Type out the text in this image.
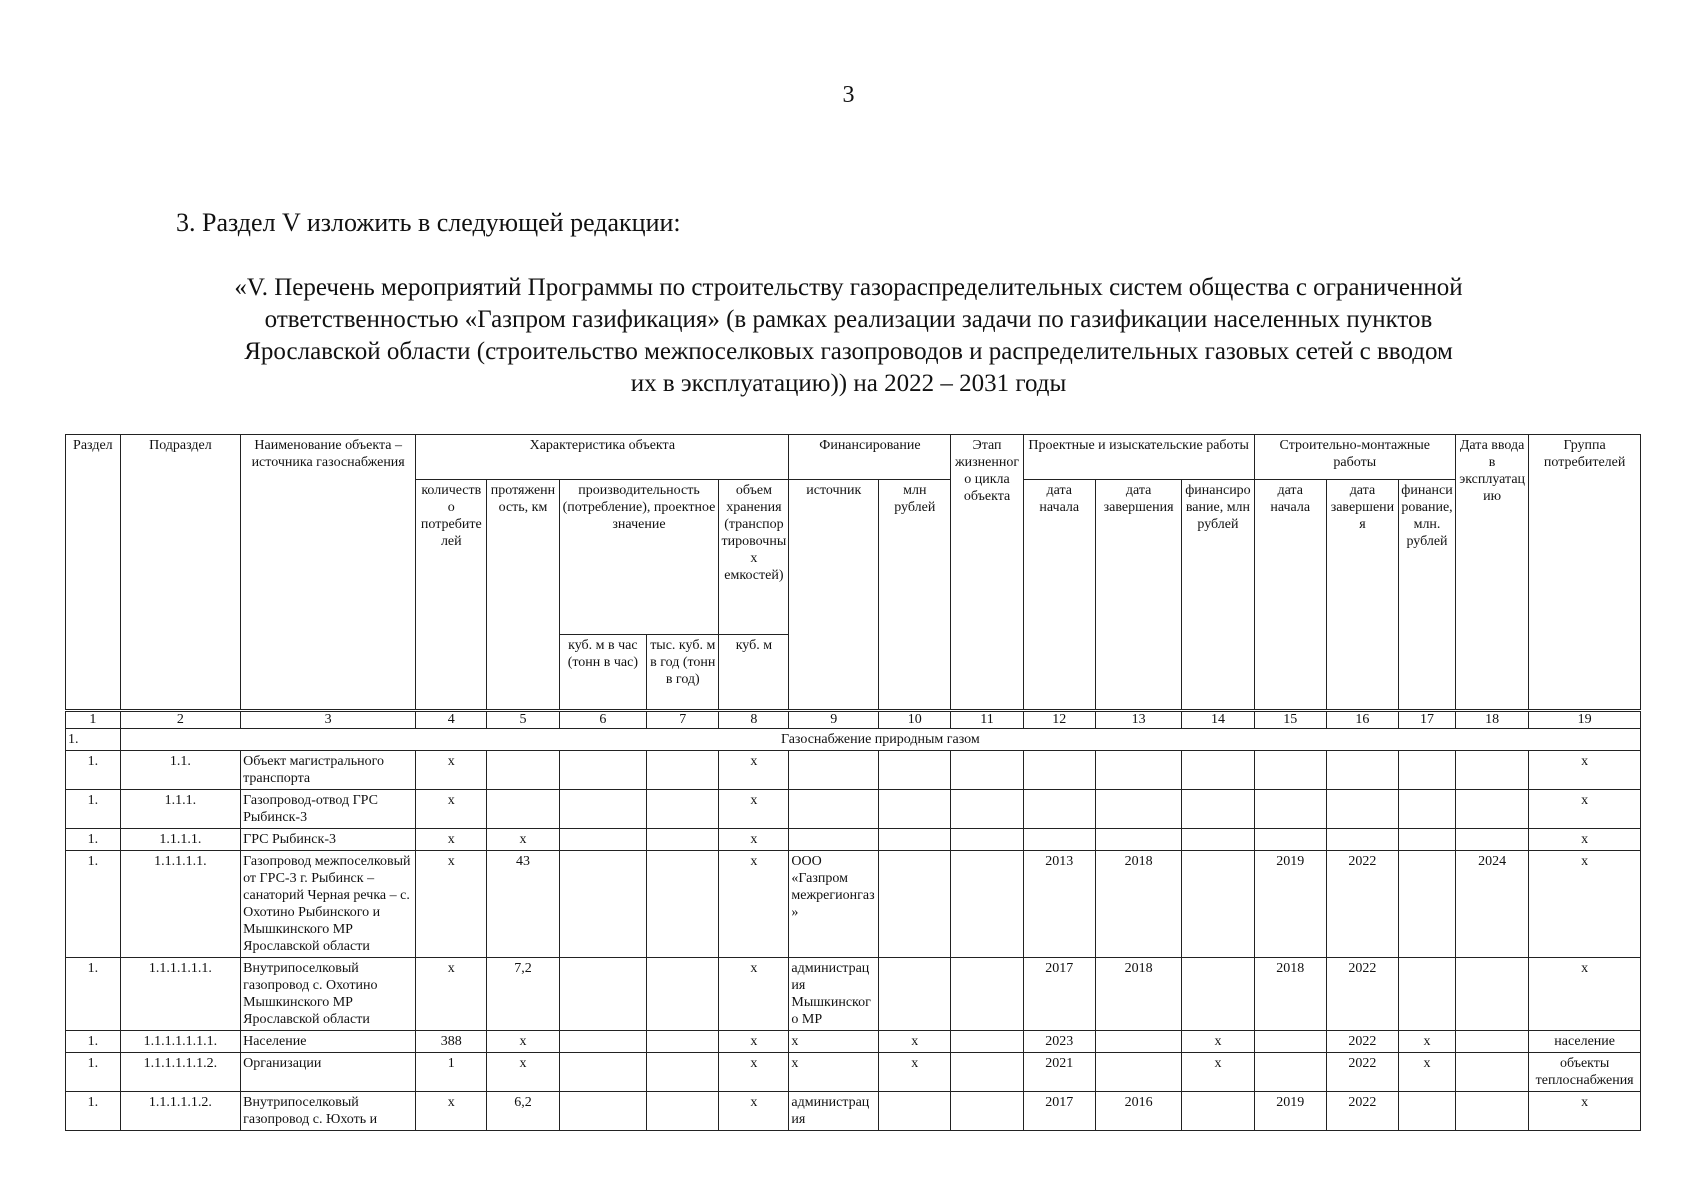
3
3. Раздел V изложить в следующей редакции:
«V. Перечень мероприятий Программы по строительству газораспределительных систем общества с ограниченной
ответственностью «Газпром газификация» (в рамках реализации задачи по газификации населенных пунктов
Ярославской области (строительство межпоселковых газопроводов и распределительных газовых сетей с вводом
их в эксплуатацию)) на 2022 – 2031 годы
Раздел	Подраздел	Наименование объекта – источника газоснабжения	Характеристика объекта					Финансирование		Этап жизненного цикла объекта	Проектные и изыскательские работы			Строительно-монтажные работы			Дата ввода в эксплуатацию	Группа потребителей
			количество потребителей	протяженность, км	производительность (потребление), проектное значение		объем хранения (транспортировочных емкостей)	источник	млн рублей		дата начала	дата завершения	финансирование, млн рублей	дата начала	дата завершения	финансирование, млн. рублей		
					куб. м в час (тонн в час)	тыс. куб. м в год (тонн в год)	куб. м											
1	2	3	4	5	6	7	8	9	10	11	12	13	14	15	16	17	18	19
1.	Газоснабжение природным газом																	
1.	1.1.	Объект магистрального транспорта	x				x											x
1.	1.1.1.	Газопровод-отвод ГРС Рыбинск-3	x				x											x
1.	1.1.1.1.	ГРС Рыбинск-3	x	x			x											x
1.	1.1.1.1.1.	Газопровод межпоселковый от ГРС-3 г. Рыбинск – санаторий Черная речка – с. Охотино Рыбинского и Мышкинского МР Ярославской области	x	43			x	ООО «Газпром межрегионгаз»			2013	2018		2019	2022		2024	x
1.	1.1.1.1.1.1.	Внутрипоселковый газопровод с. Охотино Мышкинского МР Ярославской области	x	7,2			x	администрация Мышкинского МР			2017	2018		2018	2022			x
1.	1.1.1.1.1.1.1.	Население	388	x			x	x	x		2023		x		2022	x		население
1.	1.1.1.1.1.1.2.	Организации	1	x			x	x	x		2021		x		2022	x		объекты теплоснабжения
1.	1.1.1.1.1.2.	Внутрипоселковый газопровод с. Юхоть и	x	6,2			x	администрация			2017	2016		2019	2022			x
